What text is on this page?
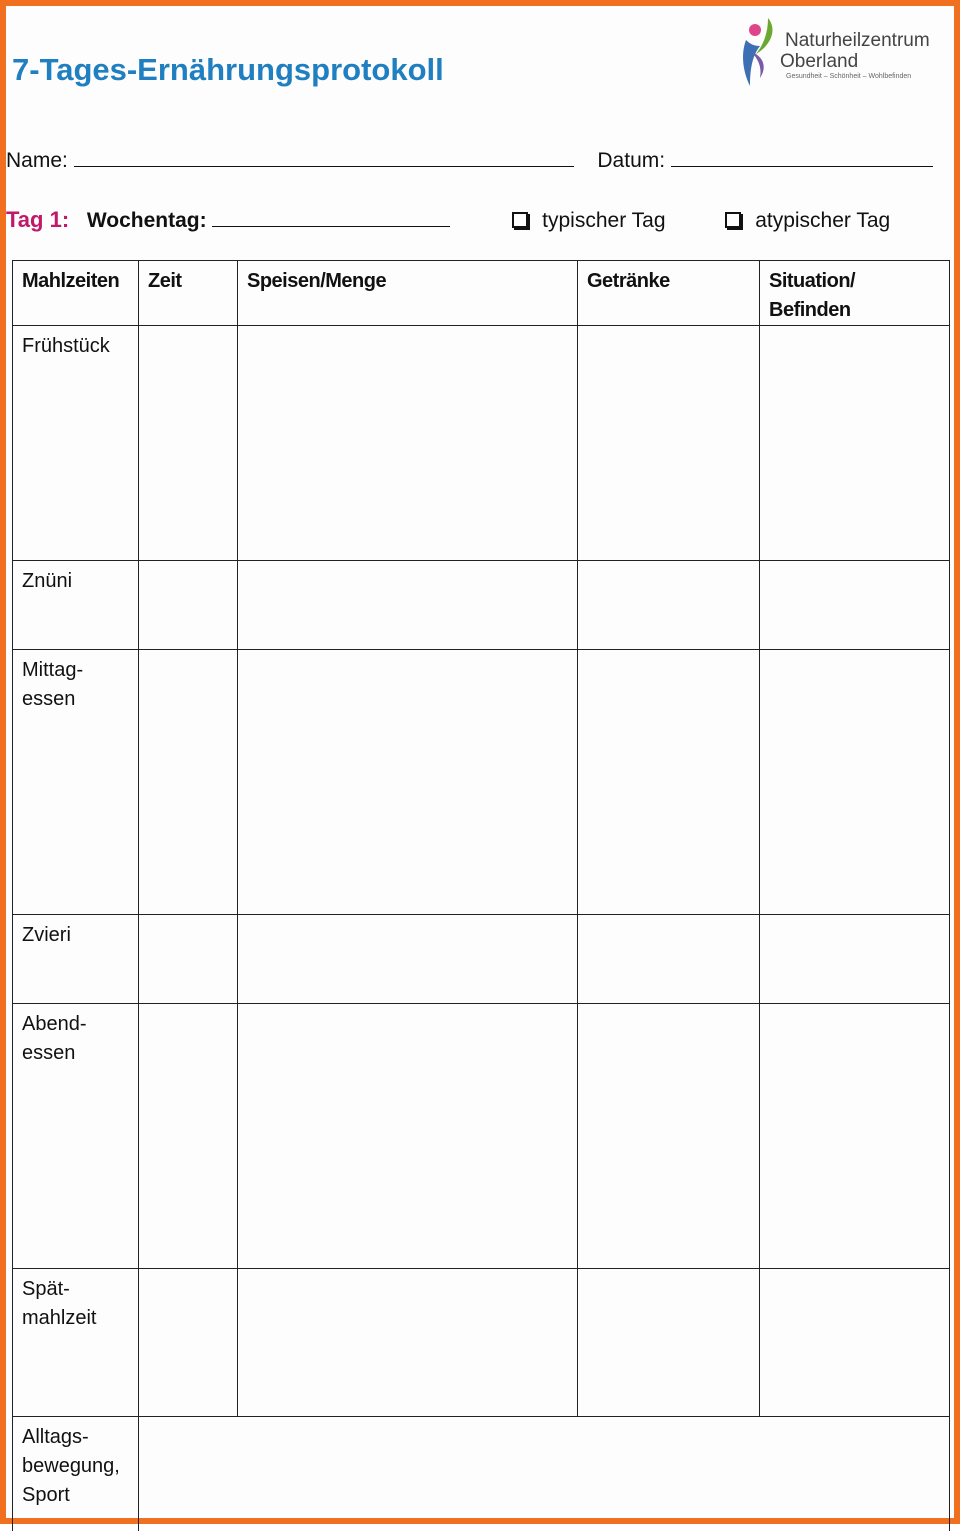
7-Tages-Ernährungsprotokoll
Naturheilzentrum
Oberland
Gesundheit – Schönheit – Wohlbefinden
Name:	Datum:
Tag 1: Wochentag:	typischer Tag	atypischer Tag
Mahlzeiten	Zeit	Speisen/Menge	Getränke	Situation/
Befinden
Frühstück				
Znüni				
Mittag-
essen				
Zvieri				
Abend-
essen				
Spät-
mahlzeit				
Alltags-
bewegung,
Sport				
